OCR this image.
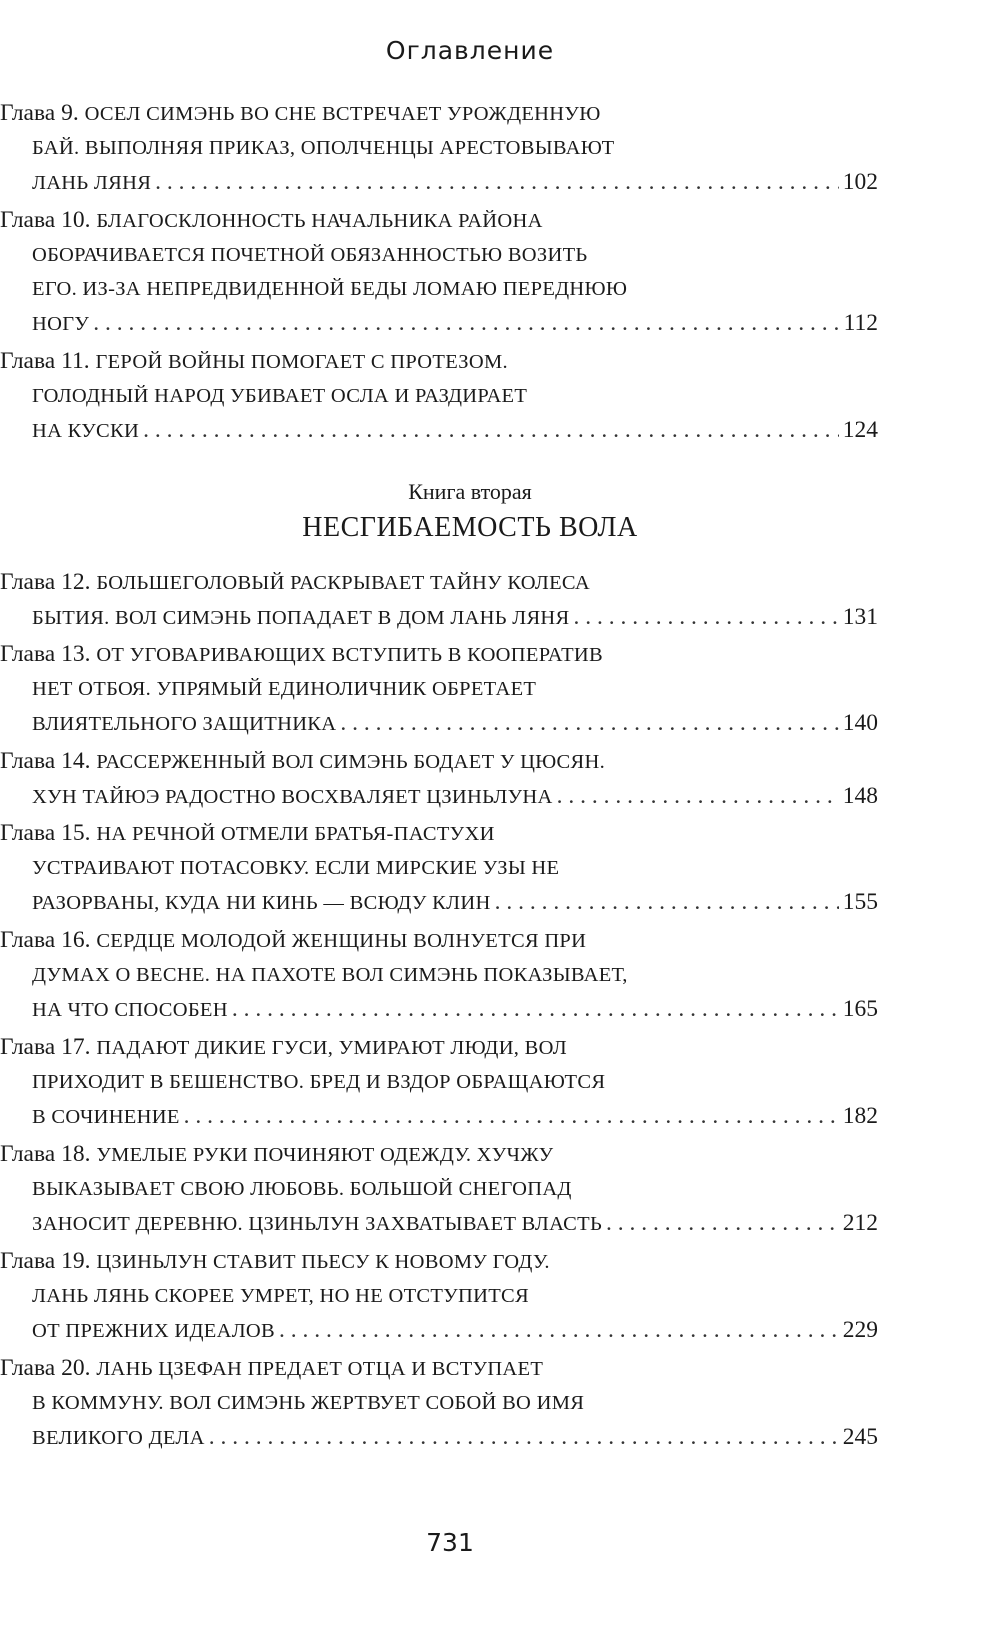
Оглавление
Глава 9. ОСЕЛ СИМЭНЬ ВО СНЕ ВСТРЕЧАЕТ УРОЖДЕННУЮ
БАЙ. ВЫПОЛНЯЯ ПРИКАЗ, ОПОЛЧЕНЦЫ АРЕСТОВЫВАЮТ
ЛАНЬ ЛЯНЯ . . .	102
Глава 10. БЛАГОСКЛОННОСТЬ НАЧАЛЬНИКА РАЙОНА
ОБОРАЧИВАЕТСЯ ПОЧЕТНОЙ ОБЯЗАННОСТЬЮ ВОЗИТЬ
ЕГО. ИЗ-ЗА НЕПРЕДВИДЕННОЙ БЕДЫ ЛОМАЮ ПЕРЕДНЮЮ
НОГУ . . .	112
Глава 11. ГЕРОЙ ВОЙНЫ ПОМОГАЕТ С ПРОТЕЗОМ.
ГОЛОДНЫЙ НАРОД УБИВАЕТ ОСЛА И РАЗДИРАЕТ
НА КУСКИ . . .	124
Книга вторая
НЕСГИБАЕМОСТЬ ВОЛА
Глава 12. БОЛЬШЕГОЛОВЫЙ РАСКРЫВАЕТ ТАЙНУ КОЛЕСА
БЫТИЯ. ВОЛ СИМЭНЬ ПОПАДАЕТ В ДОМ ЛАНЬ ЛЯНЯ . . .	131
Глава 13. ОТ УГОВАРИВАЮЩИХ ВСТУПИТЬ В КООПЕРАТИВ
НЕТ ОТБОЯ. УПРЯМЫЙ ЕДИНОЛИЧНИК ОБРЕТАЕТ
ВЛИЯТЕЛЬНОГО ЗАЩИТНИКА . . .	140
Глава 14. РАССЕРЖЕННЫЙ ВОЛ СИМЭНЬ БОДАЕТ У ЦЮСЯН.
ХУН ТАЙЮЭ РАДОСТНО ВОСХВАЛЯЕТ ЦЗИНЬЛУНА . . .	148
Глава 15. НА РЕЧНОЙ ОТМЕЛИ БРАТЬЯ-ПАСТУХИ
УСТРАИВАЮТ ПОТАСОВКУ. ЕСЛИ МИРСКИЕ УЗЫ НЕ
РАЗОРВАНЫ, КУДА НИ КИНЬ — ВСЮДУ КЛИН . . .	155
Глава 16. СЕРДЦЕ МОЛОДОЙ ЖЕНЩИНЫ ВОЛНУЕТСЯ ПРИ
ДУМАХ О ВЕСНЕ. НА ПАХОТЕ ВОЛ СИМЭНЬ ПОКАЗЫВАЕТ,
НА ЧТО СПОСОБЕН . . .	165
Глава 17. ПАДАЮТ ДИКИЕ ГУСИ, УМИРАЮТ ЛЮДИ, ВОЛ
ПРИХОДИТ В БЕШЕНСТВО. БРЕД И ВЗДОР ОБРАЩАЮТСЯ
В СОЧИНЕНИЕ . . .	182
Глава 18. УМЕЛЫЕ РУКИ ПОЧИНЯЮТ ОДЕЖДУ. ХУЧЖУ
ВЫКАЗЫВАЕТ СВОЮ ЛЮБОВЬ. БОЛЬШОЙ СНЕГОПАД
ЗАНОСИТ ДЕРЕВНЮ. ЦЗИНЬЛУН ЗАХВАТЫВАЕТ ВЛАСТЬ . . .	212
Глава 19. ЦЗИНЬЛУН СТАВИТ ПЬЕСУ К НОВОМУ ГОДУ.
ЛАНЬ ЛЯНЬ СКОРЕЕ УМРЕТ, НО НЕ ОТСТУПИТСЯ
ОТ ПРЕЖНИХ ИДЕАЛОВ . . .	229
Глава 20. ЛАНЬ ЦЗЕФАН ПРЕДАЕТ ОТЦА И ВСТУПАЕТ
В КОММУНУ. ВОЛ СИМЭНЬ ЖЕРТВУЕТ СОБОЙ ВО ИМЯ
ВЕЛИКОГО ДЕЛА . . .	245
731
